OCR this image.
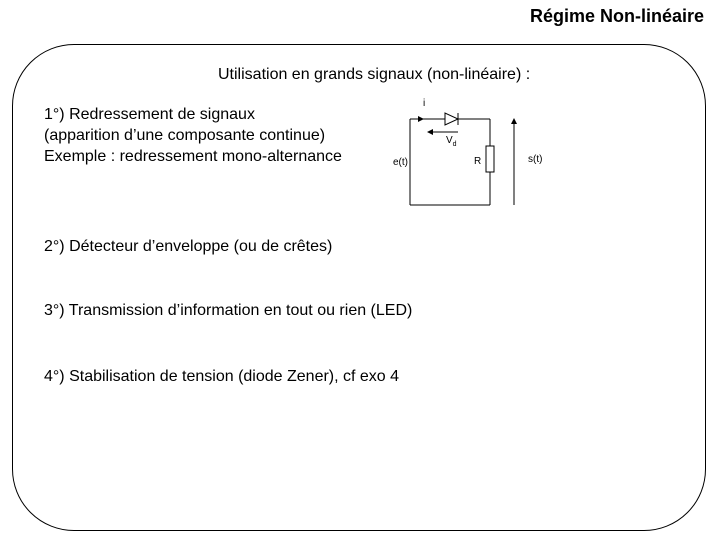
Régime Non-linéaire
Utilisation en grands signaux (non-linéaire) :
1°) Redressement de signaux
(apparition d’une composante continue)
Exemple : redressement mono-alternance
2°) Détecteur d’enveloppe (ou de crêtes)
3°) Transmission d’information en tout ou rien (LED)
4°) Stabilisation de tension (diode Zener), cf exo 4
i
$V_d$
e(t)	R	s(t)
